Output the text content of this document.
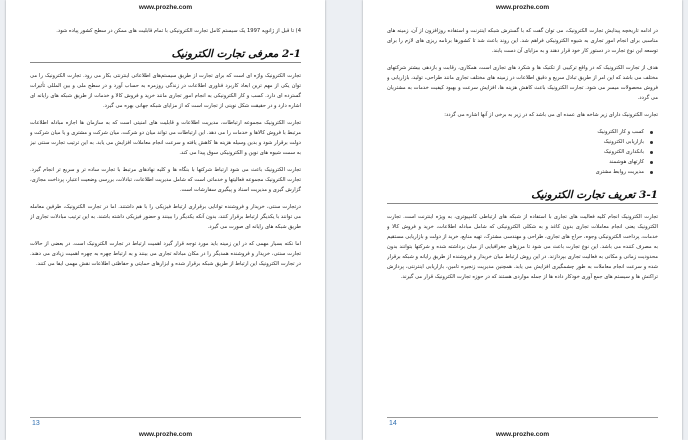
www.prozhe.com

4) تا قبل از ژانویه 1997 یک سیستم کامل تجارت الکترونیکی با تمام قابلیت های ممکن در سطح کشور پیاده شود.

2-1 معرفی تجارت الکترونیک

تجارت الکترونیک واژه ای است که برای تجارت از طریق سیستم‌های اطلاعاتی اینترنتی بکار می رود. تجارت الکترونیک را می توان یکی از مهم ترین ابعاد کاربرد فناوری اطلاعات در زندگی روزمره به حساب آورد و در سطح ملی و بین المللی تأثیرات گسترده ای دارد. کسب و کار الکترونیکی به انجام امور تجاری مانند خرید و فروش کالا و خدمات از طریق شبکه های رایانه ای اشاره دارد و در حقیقت شکل نوینی از تجارت است که از مزایای شبکه جهانی بهره می گیرد.

تجارت الکترونیک مجموعه ارتباطات، مدیریت اطلاعات و قابلیت های امنیتی است که به سازمان ها اجازه مبادله اطلاعات مرتبط با فروش کالاها و خدمات را می دهد. این ارتباطات می تواند میان دو شرکت، میان شرکت و مشتری و یا میان شرکت و دولت برقرار شود و بدین وسیله هزینه ها کاهش یافته و سرعت انجام معاملات افزایش می یابد. به این ترتیب تجارت سنتی نیز به سمت شیوه های نوین و الکترونیکی سوق پیدا می کند.

تجارت الکترونیک باعث می شود ارتباط شرکتها با بنگاه ها و کلیه نهادهای مرتبط با تجارت ساده تر و سریع تر انجام گیرد. تجارت الکترونیک مجموعه فعالیتها و خدماتی است که شامل مدیریت اطلاعات، تبادلات، بررسی وضعیت اعتبار، پرداخت مجازی، گزارش گیری و مدیریت اسناد و پیگیری سفارشات است.

درتجارت سنتی، خریدار و فروشنده توانایی برقراری ارتباط فیزیکی را با هم داشتند. اما در تجارت الکترونیک، طرفین معامله می توانند با یکدیگر ارتباط برقرار کنند، بدون آنکه یکدیگر را ببینند و حضور فیزیکی داشته باشند. به این ترتیب مبادلات تجاری از طریق شبکه های رایانه ای صورت می گیرد.

اما نکته بسیار مهمی که در این زمینه باید مورد توجه قرار گیرد اهمیت ارتباط در تجارت الکترونیک است. در بعضی از حالات تجارت سنتی، خریدار و فروشنده همدیگر را در مکان مبادله تجاری می بینند و به ارتباط چهره به چهره اهمیت زیادی می دهند. در تجارت الکترونیک این ارتباط از طریق شبکه برقرار شده و ابزارهای حمایتی و حفاظتی اطلاعات نقش مهمی ایفا می کنند.

13
www.prozhe.com
www.prozhe.com

در ادامه تاریخچه پیدایش تجارت الکترونیک، می توان گفت که با گسترش شبکه اینترنت و استفاده روزافزون از آن، زمینه های مناسبی برای انجام امور تجاری به شیوه الکترونیکی فراهم شد. این روند باعث شد تا کشورها برنامه ریزی های لازم را برای توسعه این نوع تجارت در دستور کار خود قرار دهند و به مزایای آن دست یابند.

هدف از تجارت الکترونیک که در واقع ترکیبی از تکنیک ها و شکرد های تجاری است، همکاری، رقابت و بازدهی بیشتر شرکتهای مختلف می باشد که این امر از طریق تبادل سریع و دقیق اطلاعات در زمینه های مختلف تجاری مانند طراحی، تولید، بازاریابی و فروش محصولات میسر می شود. تجارت الکترونیک باعث کاهش هزینه ها، افزایش سرعت و بهبود کیفیت خدمات به مشتریان می گردد.

تجارت الکترونیک دارای زیر شاخه های عمده ای می باشد که در زیر به برخی از آنها اشاره می گردد:

کسب و کار الکترونیک
بازاریابی الکترونیک
بانکداری الکترونیک
کارتهای هوشمند
مدیریت روابط مشتری
3-1 تعریف تجارت الکترونیک

تجارت الکترونیک انجام کلیه فعالیت های تجاری با استفاده از شبکه های ارتباطی کامپیوتری، به ویژه اینترنت است. تجارت الکترونیک یعنی انجام معاملات تجاری بدون کاغذ و به شکلی الکترونیکی که شامل مبادله اطلاعات، خرید و فروش کالا و خدمات، پرداخت الکترونیکی وجوه، حراج های تجاری، طراحی و مهندسی مشترک، تهیه منابع، خرید از دولت و بازاریابی مستقیم به مصرف کننده می باشد. این نوع تجارت باعث می شود تا مرزهای جغرافیایی از میان برداشته شده و شرکتها بتوانند بدون محدودیت زمانی و مکانی به فعالیت تجاری بپردازند. در این روش ارتباط میان خریدار و فروشنده از طریق رایانه و شبکه برقرار شده و سرعت انجام معاملات به طور چشمگیری افزایش می یابد. همچنین مدیریت زنجیره تامین، بازاریابی اینترنتی، پردازش تراکنش ها و سیستم های جمع آوری خودکار داده ها از جمله مواردی هستند که در حوزه تجارت الکترونیک قرار می گیرند.

14
www.prozhe.com
